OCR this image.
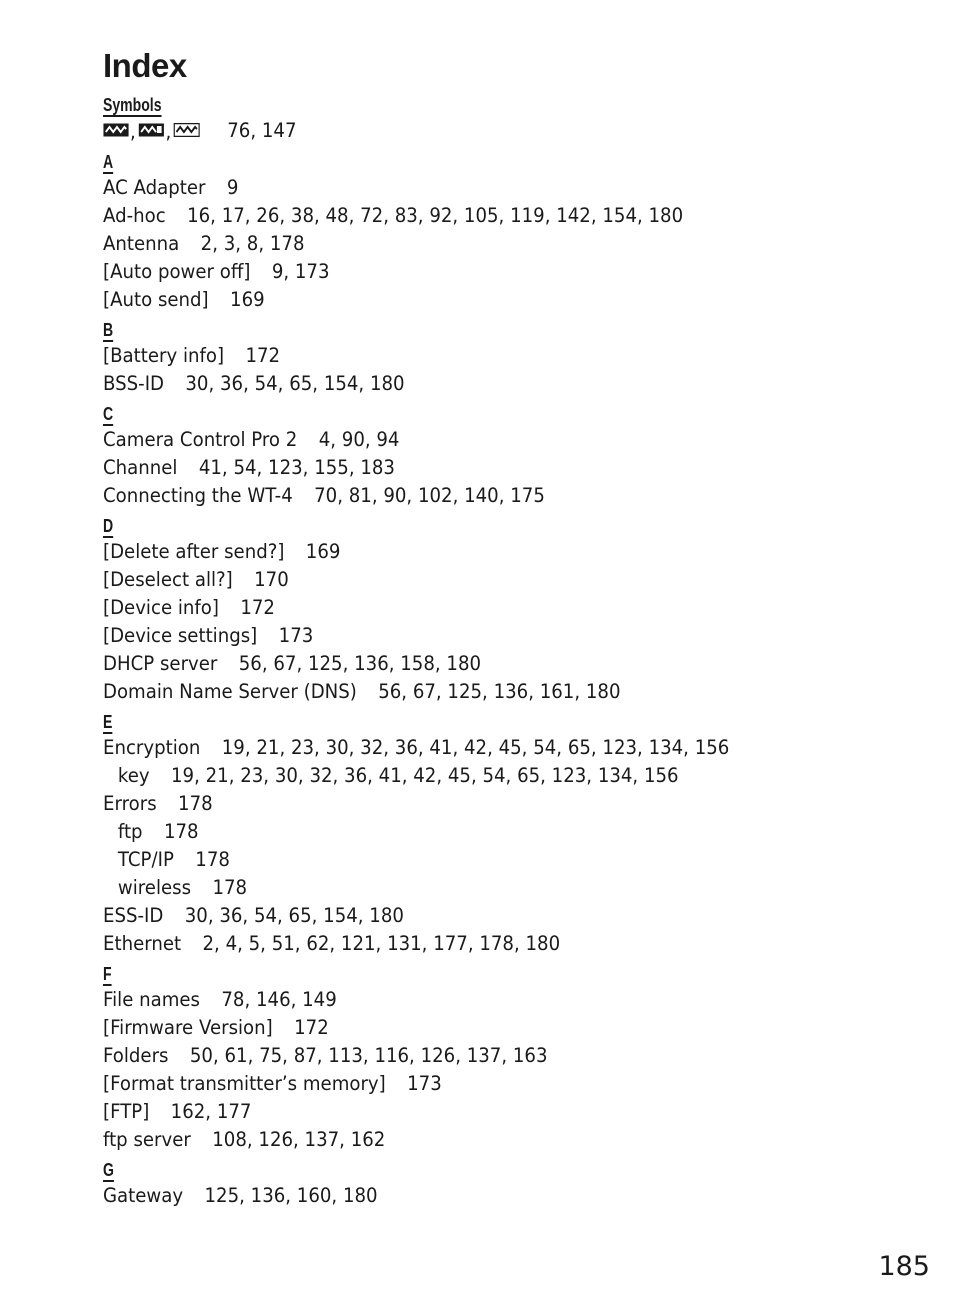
Index
Symbols
, ,	76, 147
A
AC Adapter 9
Ad-hoc 16, 17, 26, 38, 48, 72, 83, 92, 105, 119, 142, 154, 180
Antenna 2, 3, 8, 178
[Auto power off] 9, 173
[Auto send] 169
B
[Battery info] 172
BSS-ID 30, 36, 54, 65, 154, 180
C
Camera Control Pro 2 4, 90, 94
Channel 41, 54, 123, 155, 183
Connecting the WT-4 70, 81, 90, 102, 140, 175
D
[Delete after send?] 169
[Deselect all?] 170
[Device info] 172
[Device settings] 173
DHCP server 56, 67, 125, 136, 158, 180
Domain Name Server (DNS) 56, 67, 125, 136, 161, 180
E
Encryption 19, 21, 23, 30, 32, 36, 41, 42, 45, 54, 65, 123, 134, 156
key 19, 21, 23, 30, 32, 36, 41, 42, 45, 54, 65, 123, 134, 156
Errors 178
ftp 178
TCP/IP 178
wireless 178
ESS-ID 30, 36, 54, 65, 154, 180
Ethernet 2, 4, 5, 51, 62, 121, 131, 177, 178, 180
F
File names 78, 146, 149
[Firmware Version] 172
Folders 50, 61, 75, 87, 113, 116, 126, 137, 163
[Format transmitter’s memory] 173
[FTP] 162, 177
ftp server 108, 126, 137, 162
G
Gateway 125, 136, 160, 180
185
